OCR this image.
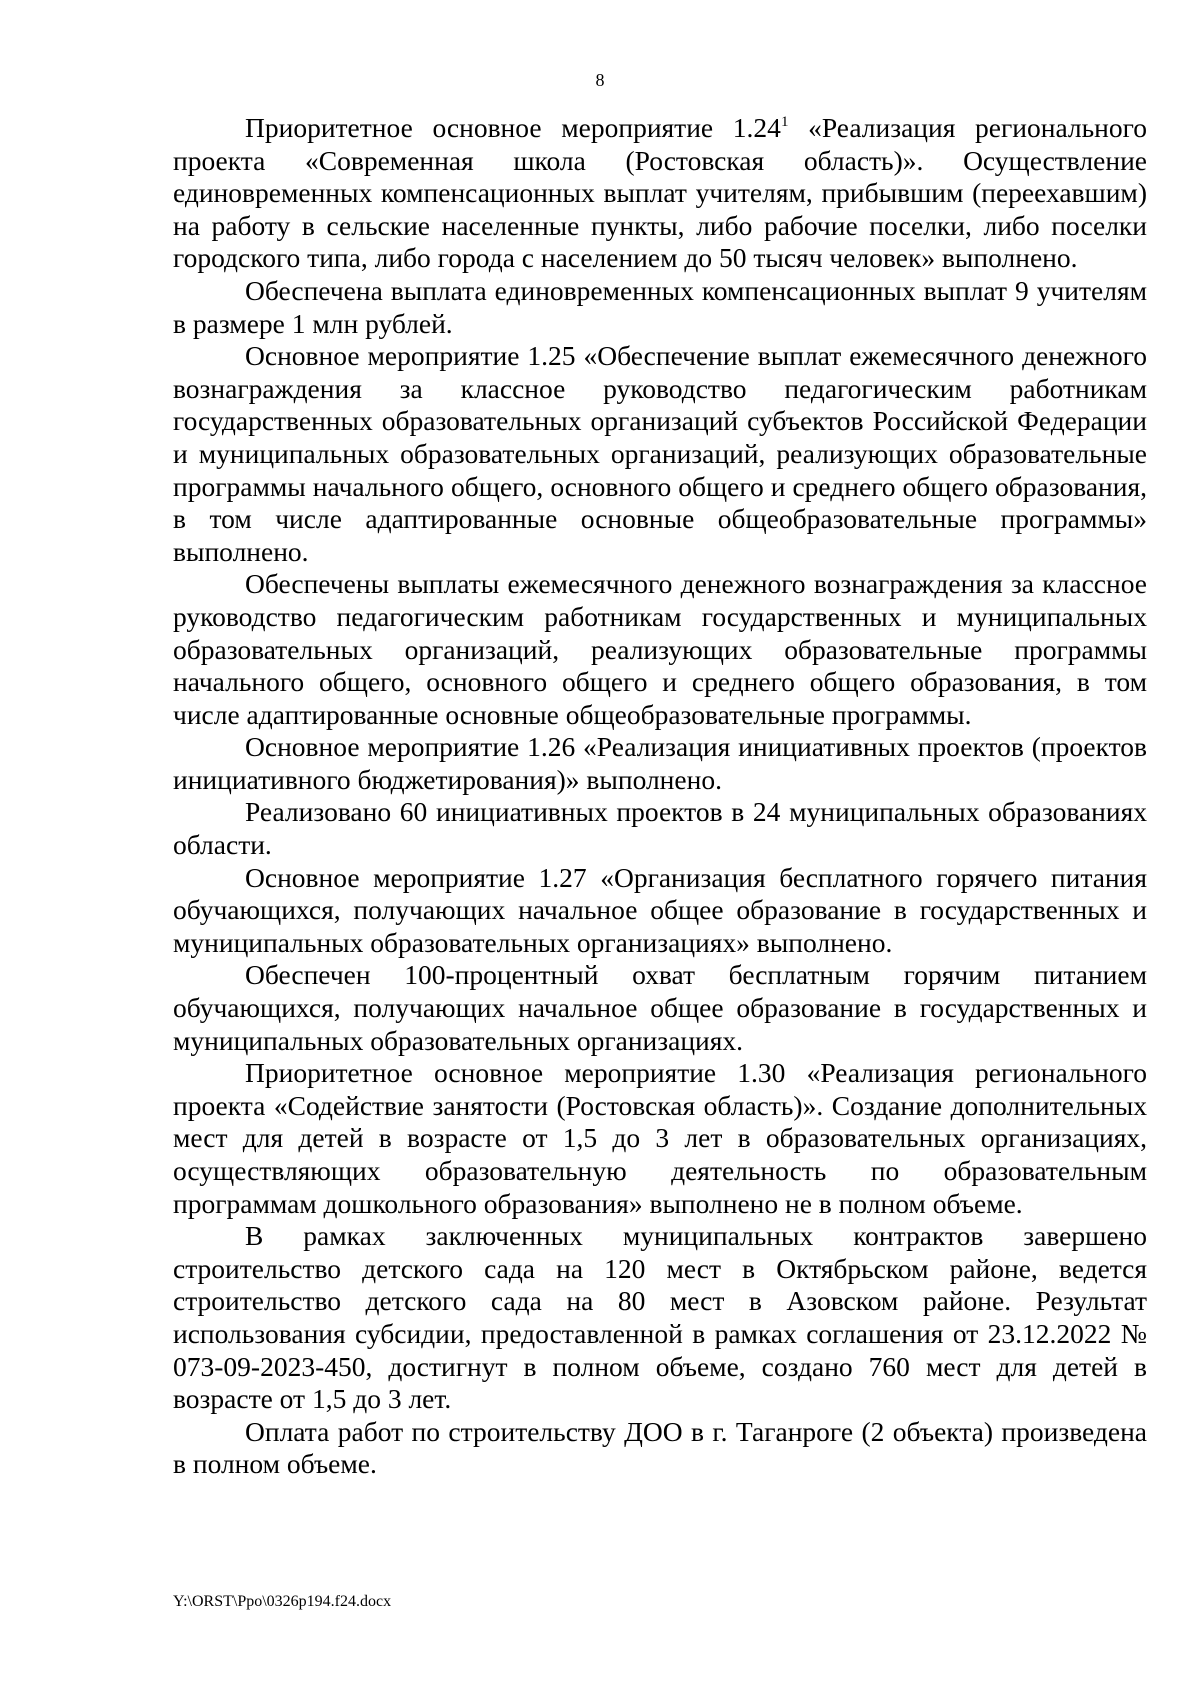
8

Приоритетное основное мероприятие 1.24$^1$ «Реализация регионального проекта «Современная школа (Ростовская область)». Осуществление единовременных компенсационных выплат учителям, прибывшим (переехавшим) на работу в сельские населенные пункты, либо рабочие поселки, либо поселки городского типа, либо города с населением до 50 тысяч человек» выполнено.

Обеспечена выплата единовременных компенсационных выплат 9 учителям в размере 1 млн рублей.

Основное мероприятие 1.25 «Обеспечение выплат ежемесячного денежного вознаграждения за классное руководство педагогическим работникам государственных образовательных организаций субъектов Российской Федерации и муниципальных образовательных организаций, реализующих образовательные программы начального общего, основного общего и среднего общего образования, в том числе адаптированные основные общеобразовательные программы» выполнено.

Обеспечены выплаты ежемесячного денежного вознаграждения за классное руководство педагогическим работникам государственных и муниципальных образовательных организаций, реализующих образовательные программы начального общего, основного общего и среднего общего образования, в том числе адаптированные основные общеобразовательные программы.

Основное мероприятие 1.26 «Реализация инициативных проектов (проектов инициативного бюджетирования)» выполнено.

Реализовано 60 инициативных проектов в 24 муниципальных образованиях области.

Основное мероприятие 1.27 «Организация бесплатного горячего питания обучающихся, получающих начальное общее образование в государственных и муниципальных образовательных организациях» выполнено.

Обеспечен 100-процентный охват бесплатным горячим питанием обучающихся, получающих начальное общее образование в государственных и муниципальных образовательных организациях.

Приоритетное основное мероприятие 1.30 «Реализация регионального проекта «Содействие занятости (Ростовская область)». Создание дополнительных мест для детей в возрасте от 1,5 до 3 лет в образовательных организациях, осуществляющих образовательную деятельность по образовательным программам дошкольного образования» выполнено не в полном объеме.

В рамках заключенных муниципальных контрактов завершено строительство детского сада на 120 мест в Октябрьском районе, ведется строительство детского сада на 80 мест в Азовском районе. Результат использования субсидии, предоставленной в рамках соглашения от 23.12.2022 № 073-09-2023-450, достигнут в полном объеме, создано 760 мест для детей в возрасте от 1,5 до 3 лет.

Оплата работ по строительству ДОО в г. Таганроге (2 объекта) произведена в полном объеме.

Y:\ORST\Ppo\0326p194.f24.docx
